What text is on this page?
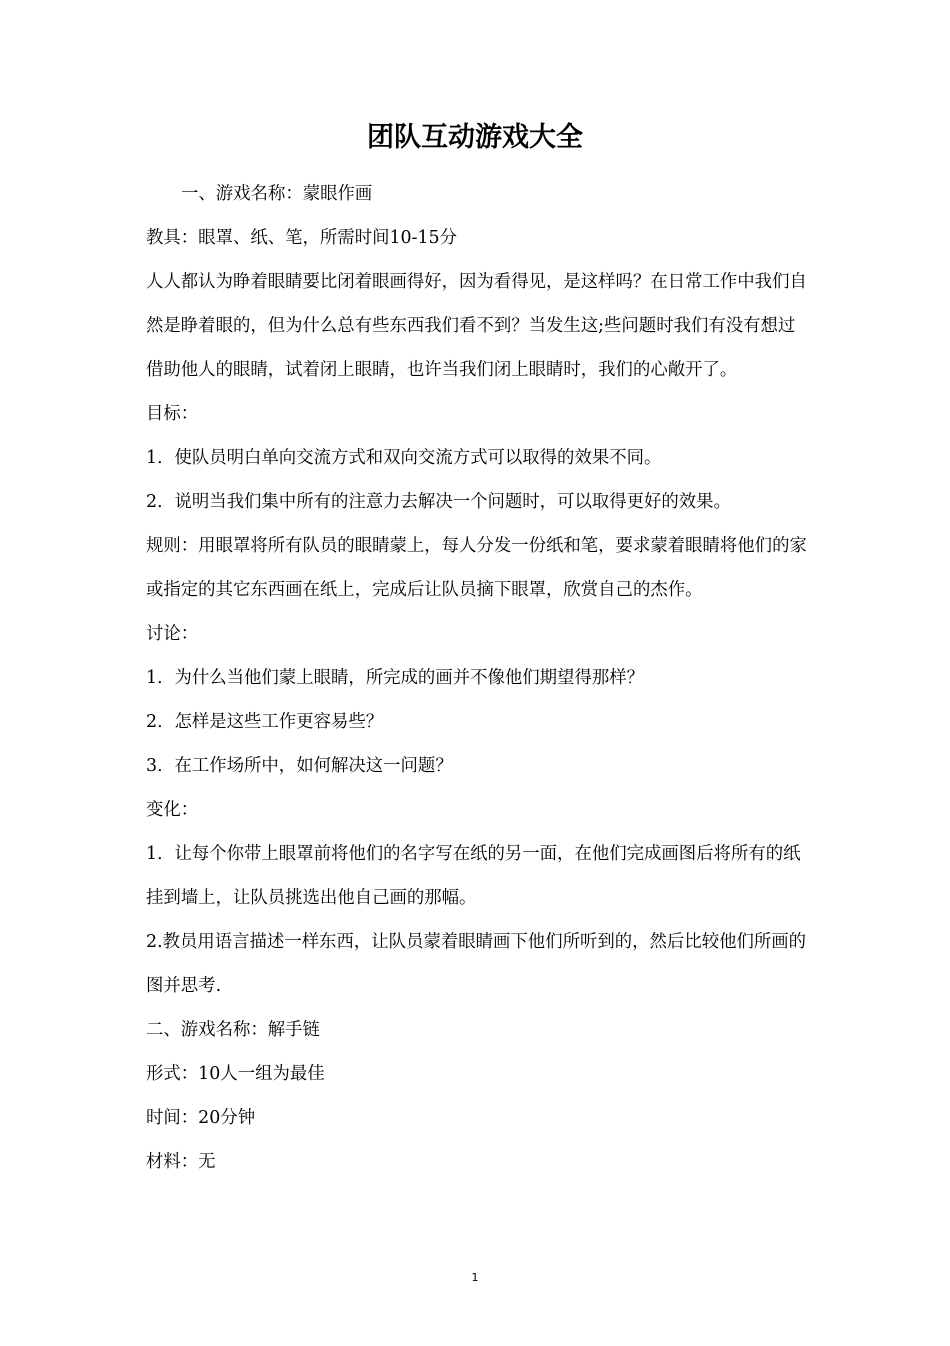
团队互动游戏大全

一、游戏名称：蒙眼作画

教具：眼罩、纸、笔，所需时间10-15分

人人都认为睁着眼睛要比闭着眼画得好，因为看得见，是这样吗？在日常工作中我们自然是睁着眼的，但为什么总有些东西我们看不到？当发生这;些问题时我们有没有想过借助他人的眼睛，试着闭上眼睛，也许当我们闭上眼睛时，我们的心敞开了。

目标：

1．使队员明白单向交流方式和双向交流方式可以取得的效果不同。

2．说明当我们集中所有的注意力去解决一个问题时，可以取得更好的效果。

规则：用眼罩将所有队员的眼睛蒙上，每人分发一份纸和笔，要求蒙着眼睛将他们的家或指定的其它东西画在纸上，完成后让队员摘下眼罩，欣赏自己的杰作。

讨论：

1．为什么当他们蒙上眼睛，所完成的画并不像他们期望得那样？

2．怎样是这些工作更容易些？

3．在工作场所中，如何解决这一问题？

变化：

1．让每个你带上眼罩前将他们的名字写在纸的另一面，在他们完成画图后将所有的纸挂到墙上，让队员挑选出他自己画的那幅。

2.教员用语言描述一样东西，让队员蒙着眼睛画下他们所听到的，然后比较他们所画的图并思考.

二、游戏名称：解手链

形式：10人一组为最佳

时间：20分钟

材料：无

1
